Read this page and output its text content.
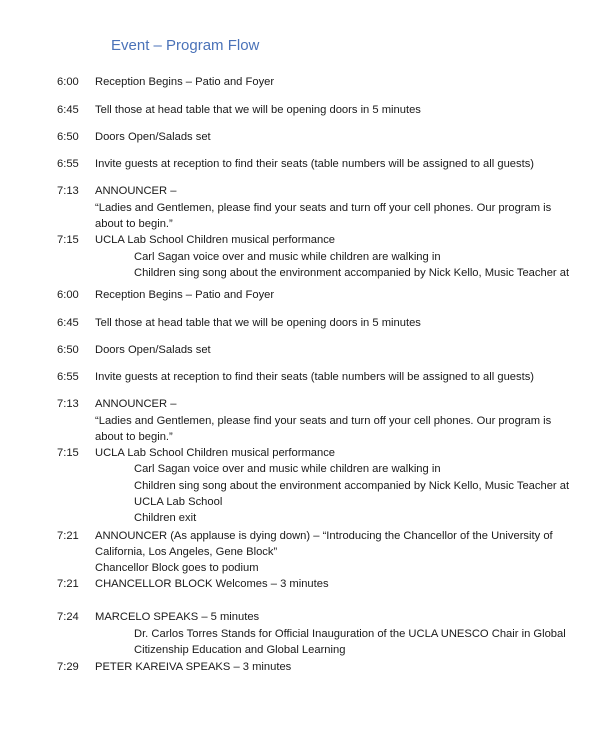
Event – Program Flow
6:00 Reception Begins – Patio and Foyer
6:45 Tell those at head table that we will be opening doors in 5 minutes
6:50 Doors Open/Salads set
6:55 Invite guests at reception to find their seats (table numbers will be assigned to all guests)
7:13 ANNOUNCER –
“Ladies and Gentlemen, please find your seats and turn off your cell phones. Our program is
about to begin.”
7:15 UCLA Lab School Children musical performance
Carl Sagan voice over and music while children are walking in
Children sing song about the environment accompanied by Nick Kello, Music Teacher at
6:00 Reception Begins – Patio and Foyer
6:45 Tell those at head table that we will be opening doors in 5 minutes
6:50 Doors Open/Salads set
6:55 Invite guests at reception to find their seats (table numbers will be assigned to all guests)
7:13 ANNOUNCER –
“Ladies and Gentlemen, please find your seats and turn off your cell phones. Our program is
about to begin.”
7:15 UCLA Lab School Children musical performance
Carl Sagan voice over and music while children are walking in
Children sing song about the environment accompanied by Nick Kello, Music Teacher at
UCLA Lab School
Children exit
7:21 ANNOUNCER (As applause is dying down) – “Introducing the Chancellor of the University of
California, Los Angeles, Gene Block”
Chancellor Block goes to podium
7:21 CHANCELLOR BLOCK Welcomes – 3 minutes
7:24 MARCELO SPEAKS – 5 minutes
Dr. Carlos Torres Stands for Official Inauguration of the UCLA UNESCO Chair in Global
Citizenship Education and Global Learning
7:29 PETER KAREIVA SPEAKS – 3 minutes
